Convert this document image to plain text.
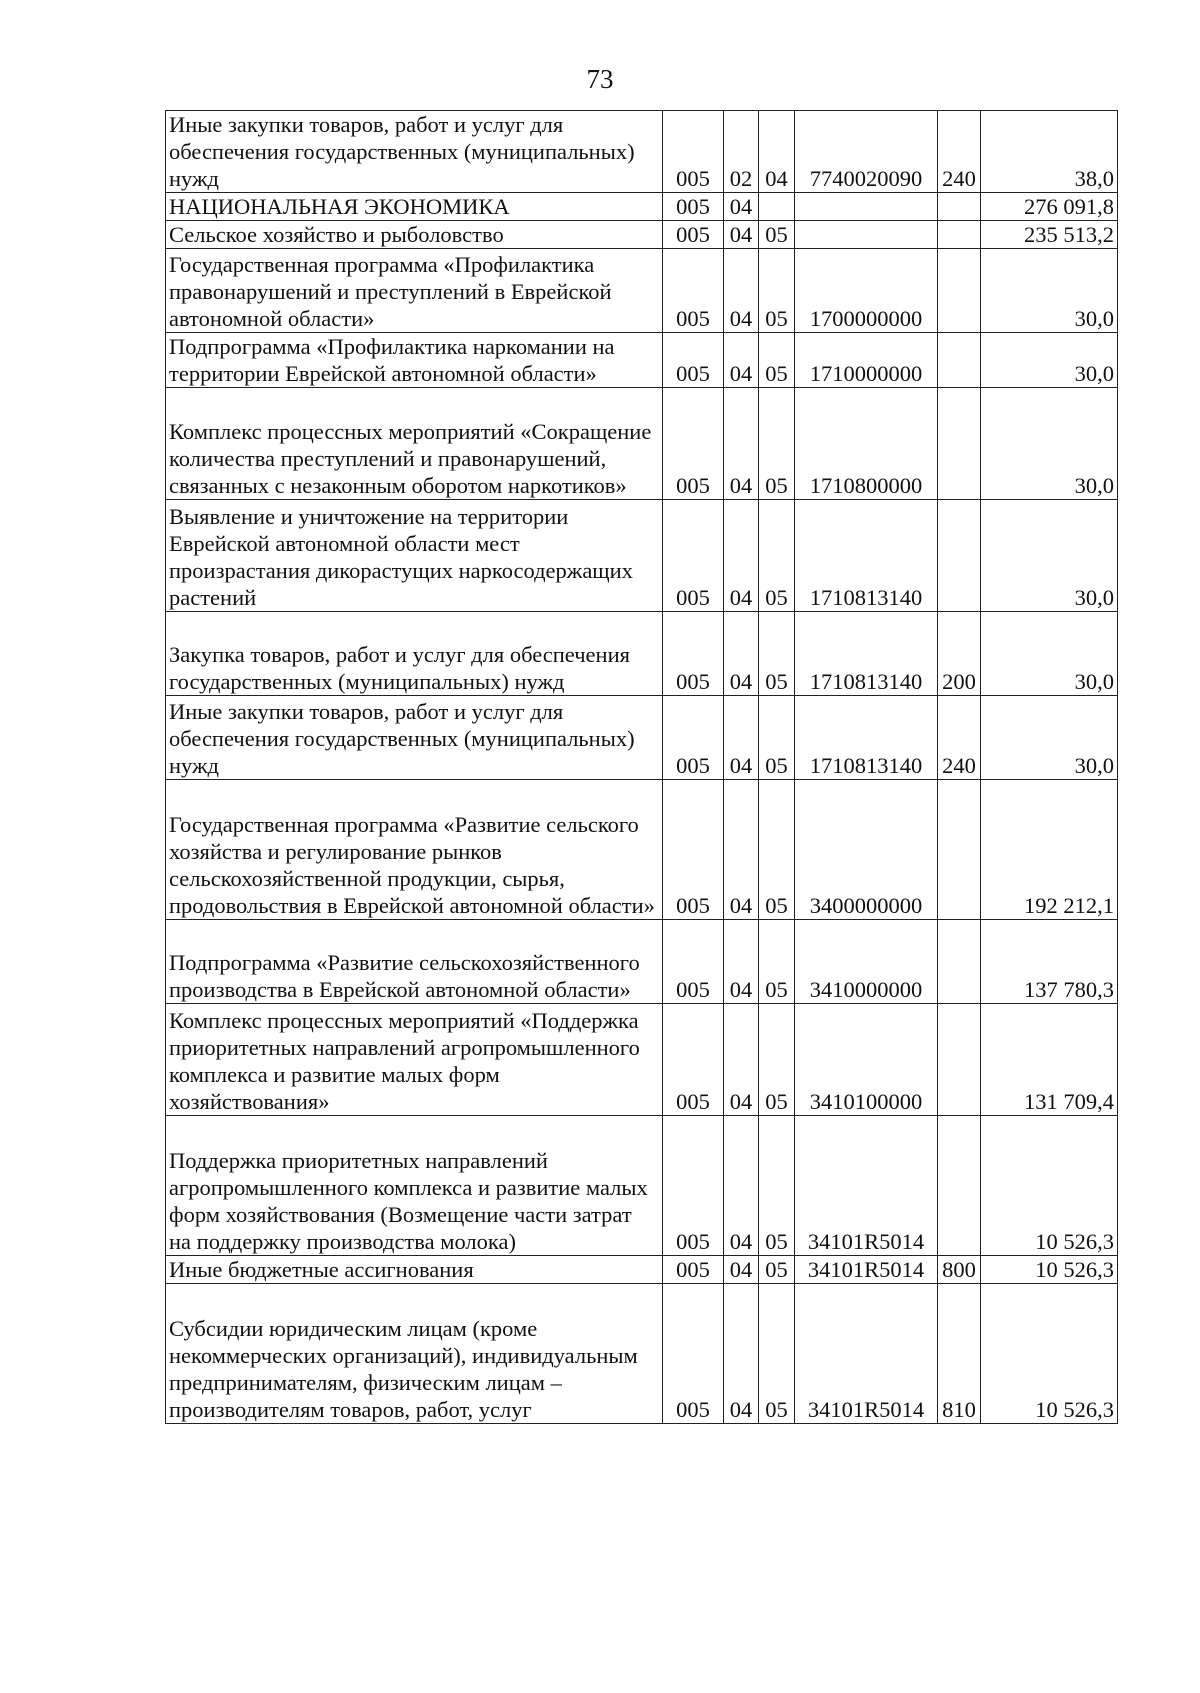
73
Иные закупки товаров, работ и услуг для обеспечения государственных (муниципальных) нужд	005	02	04	7740020090	240	38,0
НАЦИОНАЛЬНАЯ ЭКОНОМИКА	005	04				276 091,8
Сельское хозяйство и рыболовство	005	04	05			235 513,2
Государственная программа «Профилактика правонарушений и преступлений в Еврейской автономной области»	005	04	05	1700000000		30,0
Подпрограмма «Профилактика наркомании на территории Еврейской автономной области»	005	04	05	1710000000		30,0
Комплекс процессных мероприятий «Сокращение количества преступлений и правонарушений, связанных с незаконным оборотом наркотиков»	005	04	05	1710800000		30,0
Выявление и уничтожение на территории Еврейской автономной области мест произрастания дикорастущих наркосодержащих растений	005	04	05	1710813140		30,0
Закупка товаров, работ и услуг для обеспечения государственных (муниципальных) нужд	005	04	05	1710813140	200	30,0
Иные закупки товаров, работ и услуг для обеспечения государственных (муниципальных) нужд	005	04	05	1710813140	240	30,0
Государственная программа «Развитие сельского хозяйства и регулирование рынков сельскохозяйственной продукции, сырья, продовольствия в Еврейской автономной области»	005	04	05	3400000000		192 212,1
Подпрограмма «Развитие сельскохозяйственного производства в Еврейской автономной области»	005	04	05	3410000000		137 780,3
Комплекс процессных мероприятий «Поддержка приоритетных направлений агропромышленного комплекса и развитие малых форм хозяйствования»	005	04	05	3410100000		131 709,4
Поддержка приоритетных направлений агропромышленного комплекса и развитие малых форм хозяйствования (Возмещение части затрат на поддержку производства молока)	005	04	05	34101R5014		10 526,3
Иные бюджетные ассигнования	005	04	05	34101R5014	800	10 526,3
Субсидии юридическим лицам (кроме некоммерческих организаций), индивидуальным предпринимателям, физическим лицам – производителям товаров, работ, услуг	005	04	05	34101R5014	810	10 526,3
